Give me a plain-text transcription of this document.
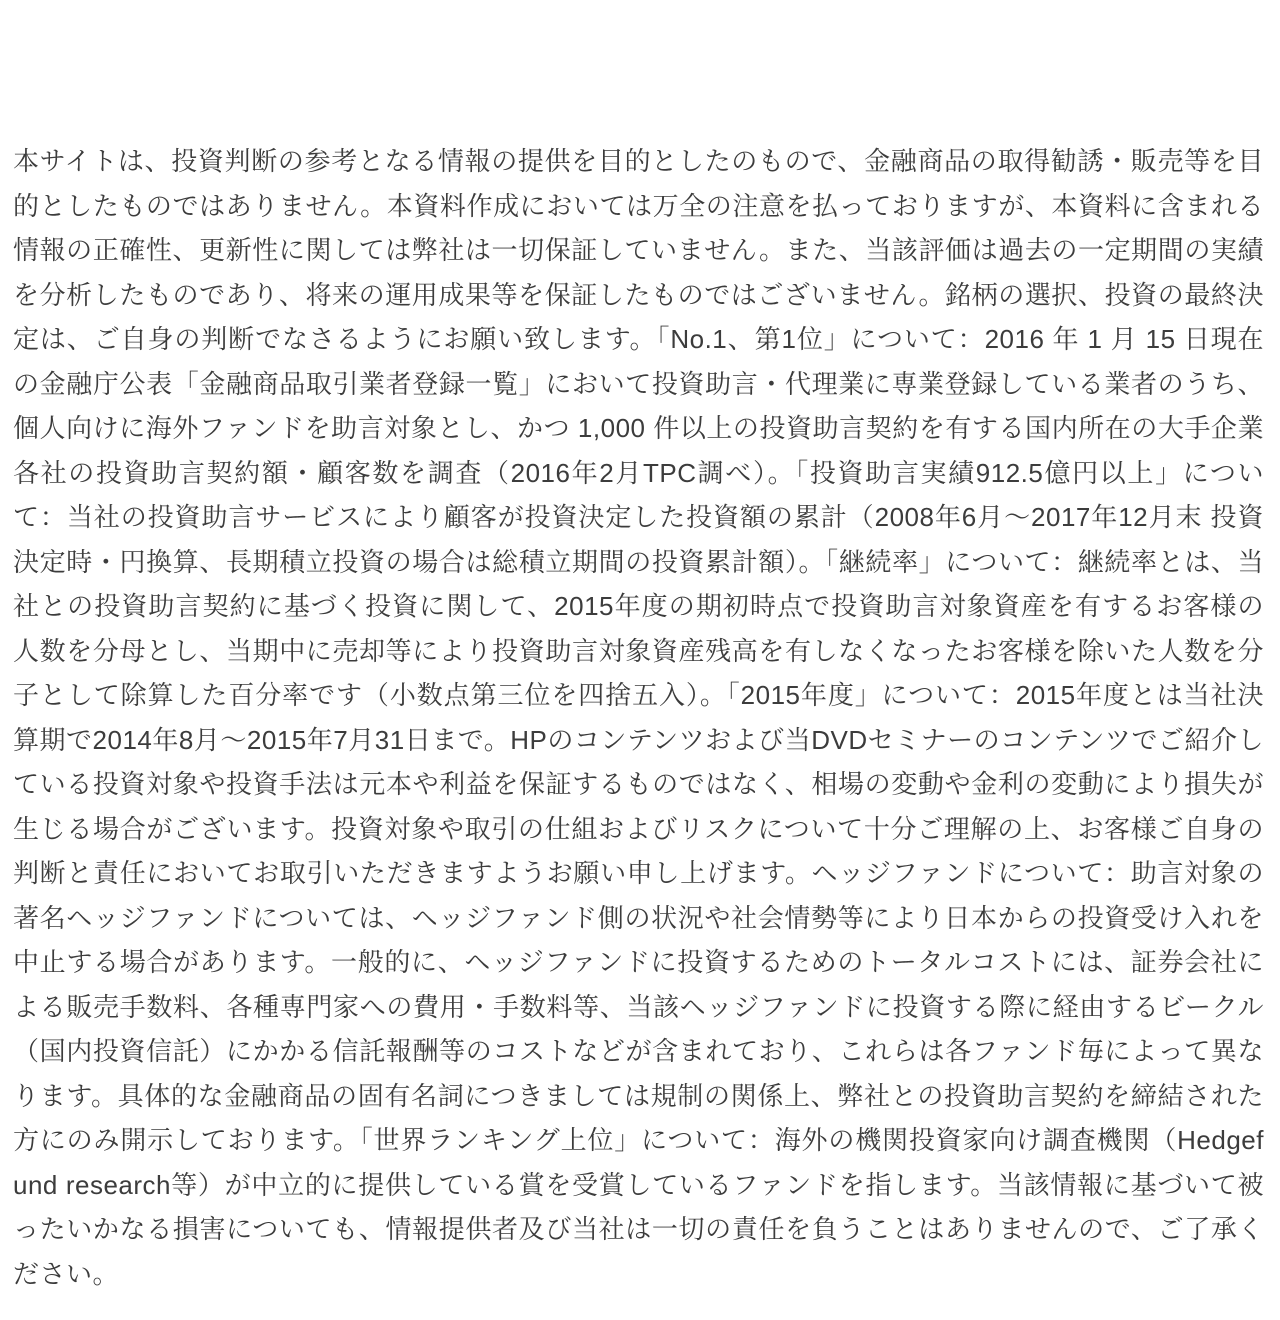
本サイトは、投資判断の参考となる情報の提供を目的としたのもので、金融商品の取得勧誘・販売等を目的としたものではありません。本資料作成においては万全の注意を払っておりますが、本資料に含まれる情報の正確性、更新性に関しては弊社は一切保証していません。また、当該評価は過去の一定期間の実績を分析したものであり、将来の運用成果等を保証したものではございません。銘柄の選択、投資の最終決定は、ご自身の判断でなさるようにお願い致します。「No.1、第1位」について：2016 年 1 月 15 日現在の金融庁公表「金融商品取引業者登録一覧」において投資助言・代理業に専業登録している業者のうち、個人向けに海外ファンドを助言対象とし、かつ 1,000 件以上の投資助言契約を有する国内所在の大手企業各社の投資助言契約額・顧客数を調査（2016年2月TPC調べ）。「投資助言実績912.5億円以上」について：当社の投資助言サービスにより顧客が投資決定した投資額の累計（2008年6月～2017年12月末 投資決定時・円換算、長期積立投資の場合は総積立期間の投資累計額）。「継続率」について：継続率とは、当社との投資助言契約に基づく投資に関して、2015年度の期初時点で投資助言対象資産を有するお客様の人数を分母とし、当期中に売却等により投資助言対象資産残高を有しなくなったお客様を除いた人数を分子として除算した百分率です（小数点第三位を四捨五入）。「2015年度」について：2015年度とは当社決算期で2014年8月～2015年7月31日まで。HPのコンテンツおよび当DVDセミナーのコンテンツでご紹介している投資対象や投資手法は元本や利益を保証するものではなく、相場の変動や金利の変動により損失が生じる場合がございます。投資対象や取引の仕組およびリスクについて十分ご理解の上、お客様ご自身の判断と責任においてお取引いただきますようお願い申し上げます。ヘッジファンドについて：助言対象の著名ヘッジファンドについては、ヘッジファンド側の状況や社会情勢等により日本からの投資受け入れを中止する場合があります。一般的に、ヘッジファンドに投資するためのトータルコストには、証券会社による販売手数料、各種専門家への費用・手数料等、当該ヘッジファンドに投資する際に経由するビークル（国内投資信託）にかかる信託報酬等のコストなどが含まれており、これらは各ファンド毎によって異なります。具体的な金融商品の固有名詞につきましては規制の関係上、弊社との投資助言契約を締結された方にのみ開示しております。「世界ランキング上位」について：海外の機関投資家向け調査機関（Hedgefund research等）が中立的に提供している賞を受賞しているファンドを指します。当該情報に基づいて被ったいかなる損害についても、情報提供者及び当社は一切の責任を負うことはありませんので、ご了承ください。
